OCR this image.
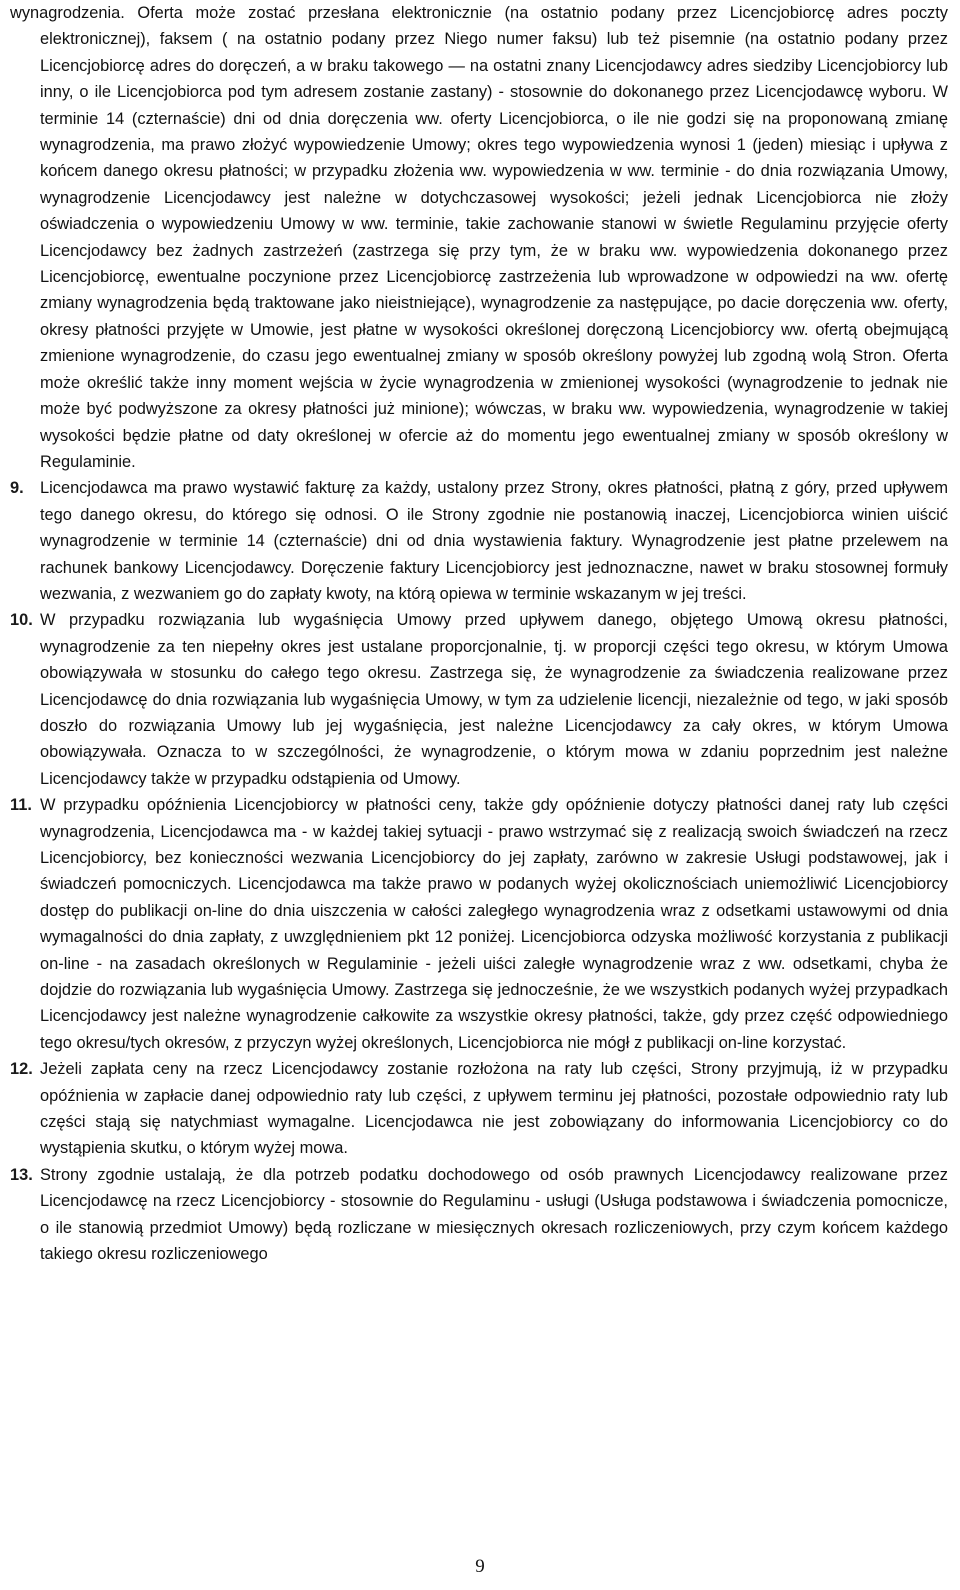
wynagrodzenia. Oferta może zostać przesłana elektronicznie (na ostatnio podany przez Licencjobiorcę adres poczty elektronicznej), faksem ( na ostatnio podany przez Niego numer faksu) lub też pisemnie (na ostatnio podany przez Licencjobiorcę adres do doręczeń, a w braku takowego — na ostatni znany Licencjodawcy adres siedziby Licencjobiorcy lub inny, o ile Licencjobiorca pod tym adresem zostanie zastany) - stosownie do dokonanego przez Licencjodawcę wyboru. W terminie 14 (czternaście) dni od dnia doręczenia ww. oferty Licencjobiorca, o ile nie godzi się na proponowaną zmianę wynagrodzenia, ma prawo złożyć wypowiedzenie Umowy; okres tego wypowiedzenia wynosi 1 (jeden) miesiąc i upływa z końcem danego okresu płatności; w przypadku złożenia ww. wypowiedzenia w ww. terminie - do dnia rozwiązania Umowy, wynagrodzenie Licencjodawcy jest należne w dotychczasowej wysokości; jeżeli jednak Licencjobiorca nie złoży oświadczenia o wypowiedzeniu Umowy w ww. terminie, takie zachowanie stanowi w świetle Regulaminu przyjęcie oferty Licencjodawcy bez żadnych zastrzeżeń (zastrzega się przy tym, że w braku ww. wypowiedzenia dokonanego przez Licencjobiorcę, ewentualne poczynione przez Licencjobiorcę zastrzeżenia lub wprowadzone w odpowiedzi na ww. ofertę zmiany wynagrodzenia będą traktowane jako nieistniejące), wynagrodzenie za następujące, po dacie doręczenia ww. oferty, okresy płatności przyjęte w Umowie, jest płatne w wysokości określonej doręczoną Licencjobiorcy ww. ofertą obejmującą zmienione wynagrodzenie, do czasu jego ewentualnej zmiany w sposób określony powyżej lub zgodną wolą Stron. Oferta może określić także inny moment wejścia w życie wynagrodzenia w zmienionej wysokości (wynagrodzenie to jednak nie może być podwyższone za okresy płatności już minione); wówczas, w braku ww. wypowiedzenia, wynagrodzenie w takiej wysokości będzie płatne od daty określonej w ofercie aż do momentu jego ewentualnej zmiany w sposób określony w Regulaminie.

9. Licencjodawca ma prawo wystawić fakturę za każdy, ustalony przez Strony, okres płatności, płatną z góry, przed upływem tego danego okresu, do którego się odnosi. O ile Strony zgodnie nie postanowią inaczej, Licencjobiorca winien uiścić wynagrodzenie w terminie 14 (czternaście) dni od dnia wystawienia faktury. Wynagrodzenie jest płatne przelewem na rachunek bankowy Licencjodawcy. Doręczenie faktury Licencjobiorcy jest jednoznaczne, nawet w braku stosownej formuły wezwania, z wezwaniem go do zapłaty kwoty, na którą opiewa w terminie wskazanym w jej treści.
10. W przypadku rozwiązania lub wygaśnięcia Umowy przed upływem danego, objętego Umową okresu płatności, wynagrodzenie za ten niepełny okres jest ustalane proporcjonalnie, tj. w proporcji części tego okresu, w którym Umowa obowiązywała w stosunku do całego tego okresu. Zastrzega się, że wynagrodzenie za świadczenia realizowane przez Licencjodawcę do dnia rozwiązania lub wygaśnięcia Umowy, w tym za udzielenie licencji, niezależnie od tego, w jaki sposób doszło do rozwiązania Umowy lub jej wygaśnięcia, jest należne Licencjodawcy za cały okres, w którym Umowa obowiązywała. Oznacza to w szczególności, że wynagrodzenie, o którym mowa w zdaniu poprzednim jest należne Licencjodawcy także w przypadku odstąpienia od Umowy.
11. W przypadku opóźnienia Licencjobiorcy w płatności ceny, także gdy opóźnienie dotyczy płatności danej raty lub części wynagrodzenia, Licencjodawca ma - w każdej takiej sytuacji - prawo wstrzymać się z realizacją swoich świadczeń na rzecz Licencjobiorcy, bez konieczności wezwania Licencjobiorcy do jej zapłaty, zarówno w zakresie Usługi podstawowej, jak i świadczeń pomocniczych. Licencjodawca ma także prawo w podanych wyżej okolicznościach uniemożliwić Licencjobiorcy dostęp do publikacji on-line do dnia uiszczenia w całości zaległego wynagrodzenia wraz z odsetkami ustawowymi od dnia wymagalności do dnia zapłaty, z uwzględnieniem pkt 12 poniżej. Licencjobiorca odzyska możliwość korzystania z publikacji on-line - na zasadach określonych w Regulaminie - jeżeli uiści zaległe wynagrodzenie wraz z ww. odsetkami, chyba że dojdzie do rozwiązania lub wygaśnięcia Umowy. Zastrzega się jednocześnie, że we wszystkich podanych wyżej przypadkach Licencjodawcy jest należne wynagrodzenie całkowite za wszystkie okresy płatności, także, gdy przez część odpowiedniego tego okresu/tych okresów, z przyczyn wyżej określonych, Licencjobiorca nie mógł z publikacji on-line korzystać.
12. Jeżeli zapłata ceny na rzecz Licencjodawcy zostanie rozłożona na raty lub części, Strony przyjmują, iż w przypadku opóźnienia w zapłacie danej odpowiednio raty lub części, z upływem terminu jej płatności, pozostałe odpowiednio raty lub części stają się natychmiast wymagalne. Licencjodawca nie jest zobowiązany do informowania Licencjobiorcy co do wystąpienia skutku, o którym wyżej mowa.
13. Strony zgodnie ustalają, że dla potrzeb podatku dochodowego od osób prawnych Licencjodawcy realizowane przez Licencjodawcę na rzecz Licencjobiorcy - stosownie do Regulaminu - usługi (Usługa podstawowa i świadczenia pomocnicze, o ile stanowią przedmiot Umowy) będą rozliczane w miesięcznych okresach rozliczeniowych, przy czym końcem każdego takiego okresu rozliczeniowego
9
